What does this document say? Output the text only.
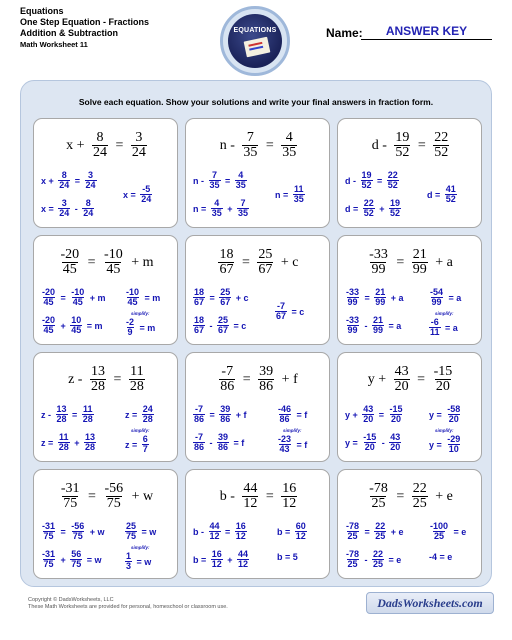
Equations
One Step Equation - Fractions
Addition & Subtraction
Math Worksheet 11
EQUATIONS	Name:	ANSWER KEY
Solve each equation. Show your solutions and write your final answers in fraction form.
$x + \frac{8}{24} = \frac{3}{24}$
$x + \frac{8}{24} = \frac{3}{24}$
$x = \frac{3}{24} - \frac{8}{24}$
$x = \frac{-5}{24}$
$n - \frac{7}{35} = \frac{4}{35}$
$n - \frac{7}{35} = \frac{4}{35}$
$n = \frac{4}{35} + \frac{7}{35}$
$n = \frac{11}{35}$
$d - \frac{19}{52} = \frac{22}{52}$
$d - \frac{19}{52} = \frac{22}{52}$
$d = \frac{22}{52} + \frac{19}{52}$
$d = \frac{41}{52}$
$\frac{-20}{45} = \frac{-10}{45} + m$
$\frac{-20}{45} = \frac{-10}{45} + m$
$\frac{-20}{45} + \frac{10}{45} = m$
$\frac{-10}{45} = m$
simplify:
$\frac{-2}{9} = m$
$\frac{18}{67} = \frac{25}{67} + c$
$\frac{18}{67} = \frac{25}{67} + c$
$\frac{18}{67} - \frac{25}{67} = c$
$\frac{-7}{67} = c$
$\frac{-33}{99} = \frac{21}{99} + a$
$\frac{-33}{99} = \frac{21}{99} + a$
$\frac{-33}{99} - \frac{21}{99} = a$
$\frac{-54}{99} = a$
simplify:
$\frac{-6}{11} = a$
$z - \frac{13}{28} = \frac{11}{28}$
$z - \frac{13}{28} = \frac{11}{28}$
$z = \frac{11}{28} + \frac{13}{28}$
$z = \frac{24}{28}$
simplify:
$z = \frac{6}{7}$
$\frac{-7}{86} = \frac{39}{86} + f$
$\frac{-7}{86} = \frac{39}{86} + f$
$\frac{-7}{86} - \frac{39}{86} = f$
$\frac{-46}{86} = f$
simplify:
$\frac{-23}{43} = f$
$y + \frac{43}{20} = \frac{-15}{20}$
$y + \frac{43}{20} = \frac{-15}{20}$
$y = \frac{-15}{20} - \frac{43}{20}$
$y = \frac{-58}{20}$
simplify:
$y = \frac{-29}{10}$
$\frac{-31}{75} = \frac{-56}{75} + w$
$\frac{-31}{75} = \frac{-56}{75} + w$
$\frac{-31}{75} + \frac{56}{75} = w$
$\frac{25}{75} = w$
simplify:
$\frac{1}{3} = w$
$b - \frac{44}{12} = \frac{16}{12}$
$b - \frac{44}{12} = \frac{16}{12}$
$b = \frac{16}{12} + \frac{44}{12}$
$b = \frac{60}{12}$
b = 5
$\frac{-78}{25} = \frac{22}{25} + e$
$\frac{-78}{25} = \frac{22}{25} + e$
$\frac{-78}{25} - \frac{22}{25} = e$
$\frac{-100}{25} = e$
-4 = e
Copyright © DadsWorksheets, LLC
These Math Worksheets are provided for personal, homeschool or classroom use.	DadsWorksheets.com
